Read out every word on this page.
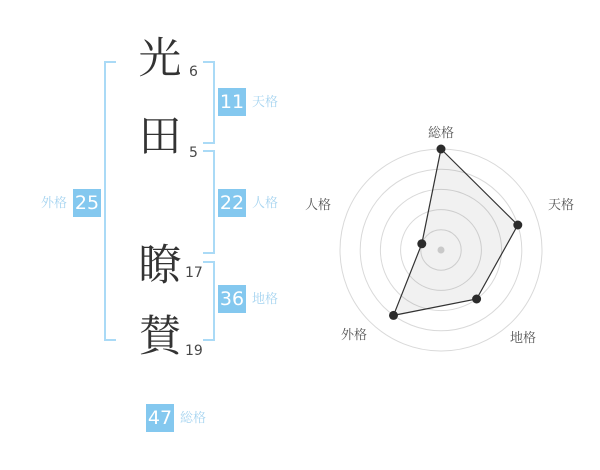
光
田
瞭
賛
6
5
17
19
11 天格
22 人格
36 地格
25
外格
47 総格
総格
天格
地格
外格
人格
